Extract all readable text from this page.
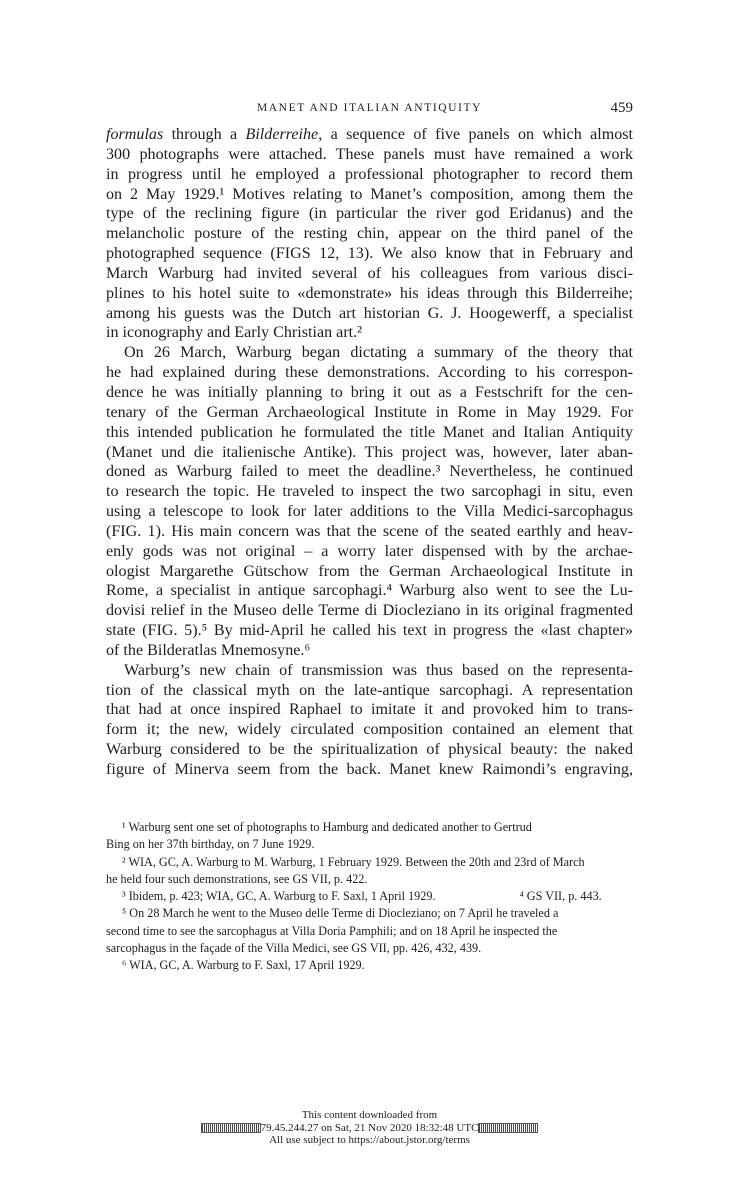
MANET AND ITALIAN ANTIQUITY	459
formulas through a Bilderreihe, a sequence of five panels on which almost
300 photographs were attached. These panels must have remained a work
in progress until he employed a professional photographer to record them
on 2 May 1929.¹ Motives relating to Manet’s composition, among them the
type of the reclining figure (in particular the river god Eridanus) and the
melancholic posture of the resting chin, appear on the third panel of the
photographed sequence (FIGS 12, 13). We also know that in February and
March Warburg had invited several of his colleagues from various disci-
plines to his hotel suite to «demonstrate» his ideas through this Bilderreihe;
among his guests was the Dutch art historian G. J. Hoogewerff, a specialist
in iconography and Early Christian art.²
On 26 March, Warburg began dictating a summary of the theory that
he had explained during these demonstrations. According to his correspon-
dence he was initially planning to bring it out as a Festschrift for the cen-
tenary of the German Archaeological Institute in Rome in May 1929. For
this intended publication he formulated the title Manet and Italian Antiquity
(Manet und die italienische Antike). This project was, however, later aban-
doned as Warburg failed to meet the deadline.³ Nevertheless, he continued
to research the topic. He traveled to inspect the two sarcophagi in situ, even
using a telescope to look for later additions to the Villa Medici-sarcophagus
(FIG. 1). His main concern was that the scene of the seated earthly and heav-
enly gods was not original – a worry later dispensed with by the archae-
ologist Margarethe Gütschow from the German Archaeological Institute in
Rome, a specialist in antique sarcophagi.⁴ Warburg also went to see the Lu-
dovisi relief in the Museo delle Terme di Diocleziano in its original fragmented
state (FIG. 5).⁵ By mid-April he called his text in progress the «last chapter»
of the Bilderatlas Mnemosyne.⁶
Warburg’s new chain of transmission was thus based on the representa-
tion of the classical myth on the late-antique sarcophagi. A representation
that had at once inspired Raphael to imitate it and provoked him to trans-
form it; the new, widely circulated composition contained an element that
Warburg considered to be the spiritualization of physical beauty: the naked
figure of Minerva seem from the back. Manet knew Raimondi’s engraving,
¹ Warburg sent one set of photographs to Hamburg and dedicated another to Gertrud
Bing on her 37th birthday, on 7 June 1929.
² WIA, GC, A. Warburg to M. Warburg, 1 February 1929. Between the 20th and 23rd of March
he held four such demonstrations, see GS VII, p. 422.
³ Ibidem, p. 423; WIA, GC, A. Warburg to F. Saxl, 1 April 1929.	⁴ GS VII, p. 443.
⁵ On 28 March he went to the Museo delle Terme di Diocleziano; on 7 April he traveled a
second time to see the sarcophagus at Villa Doria Pamphili; and on 18 April he inspected the
sarcophagus in the façade of the Villa Medici, see GS VII, pp. 426, 432, 439.
⁶ WIA, GC, A. Warburg to F. Saxl, 17 April 1929.
This content downloaded from
79.45.244.27 on Sat, 21 Nov 2020 18:32:48 UTC
All use subject to https://about.jstor.org/terms
